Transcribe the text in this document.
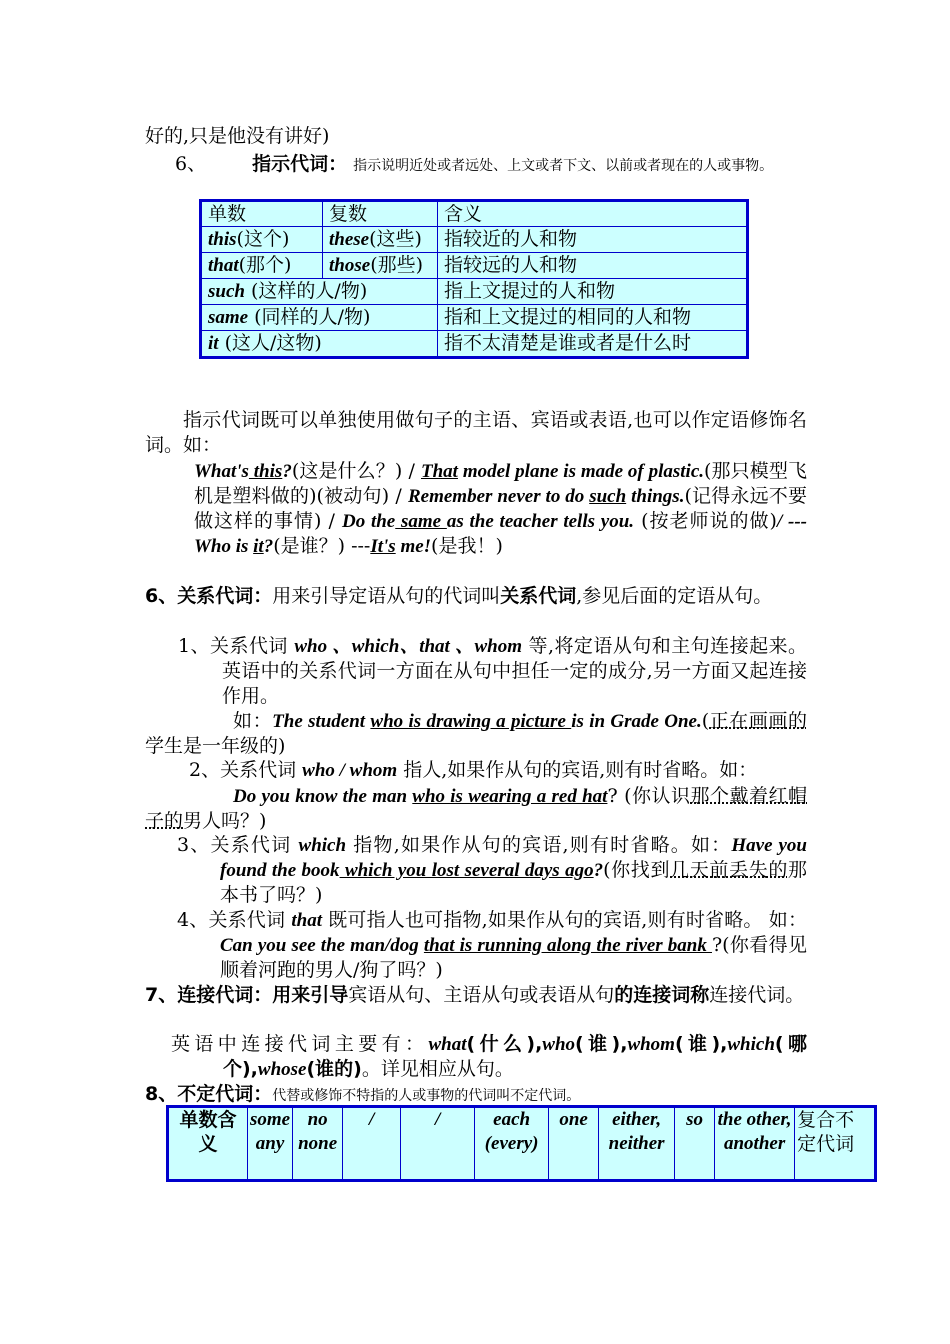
好的,只是他没有讲好)
6、 指示代词： 指示说明近处或者远处、上文或者下文、以前或者现在的人或事物。
单数	复数	含义
this(这个)	these(这些)	指较近的人和物
that(那个)	those(那些)	指较远的人和物
such (这样的人/物)		指上文提过的人和物
same (同样的人/物)		指和上文提过的相同的人和物
it (这人/这物)		指不太清楚是谁或者是什么时
指示代词既可以单独使用做句子的主语、宾语或表语,也可以作定语修饰名词。如：
What's this?(这是什么？) / That model plane is made of plastic.(那只模型飞机是塑料做的)(被动句) / Remember never to do such things.(记得永远不要做这样的事情) / Do the same as the teacher tells you. (按老师说的做)/ ---Who is it?(是谁？) ---It's me!(是我！)
6、关系代词：用来引导定语从句的代词叫关系代词,参见后面的定语从句。
1、关系代词 who 、which、that 、whom 等,将定语从句和主句连接起来。英语中的关系代词一方面在从句中担任一定的成分,另一方面又起连接作用。
如：The student who is drawing a picture is in Grade One.(正在画画的学生是一年级的)
2、关系代词 who / whom 指人,如果作从句的宾语,则有时省略。如：
Do you know the man who is wearing a red hat? (你认识那个戴着红帽子的男人吗？)
3、关系代词 which 指物,如果作从句的宾语,则有时省略。如：Have you found the book which you lost several days ago?(你找到几天前丢失的那本书了吗？)
4、关系代词 that 既可指人也可指物,如果作从句的宾语,则有时省略。 如：Can you see the man/dog that is running along the river bank ?(你看得见顺着河跑的男人/狗了吗？)
7、连接代词：用来引导宾语从句、主语从句或表语从句的连接词称连接代词。
英语中连接代词主要有：what(什么),who(谁),whom(谁),which(哪个),whose(谁的)。详见相应从句。
8、不定代词：代替或修饰不特指的人或事物的代词叫不定代词。
单数含义	some any	no none	/	/	each (every)	one	either, neither	so	the other, another	复合不定代词
